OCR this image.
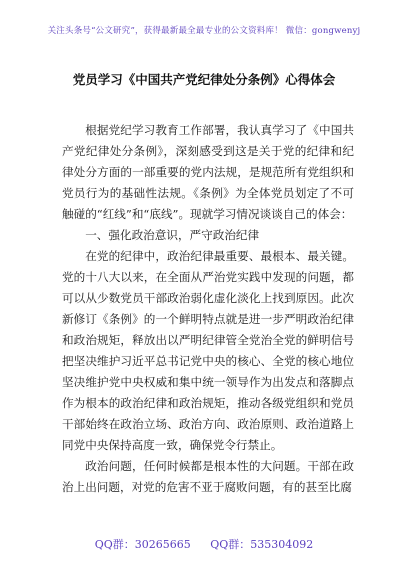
关注头条号“公文研究”，获得最新最全最专业的公文资料库！ 微信：gongwenyj
党员学习《中国共产党纪律处分条例》心得体会

根据党纪学习教育工作部署，我认真学习了《中国共产党纪律处分条例》，深刻感受到这是关于党的纪律和纪律处分方面的一部重要的党内法规，是规范所有党组织和党员行为的基础性法规。《条例》为全体党员划定了不可触碰的“红线”和“底线”。现就学习情况谈谈自己的体会：

一、强化政治意识，严守政治纪律

在党的纪律中，政治纪律最重要、最根本、最关键。党的十八大以来，在全面从严治党实践中发现的问题，都可以从少数党员干部政治弱化虚化淡化上找到原因。此次新修订《条例》的一个鲜明特点就是进一步严明政治纪律和政治规矩，释放出以严明纪律管全党治全党的鲜明信号把坚决维护习近平总书记党中央的核心、全党的核心地位坚决维护党中央权威和集中统一领导作为出发点和落脚点作为根本的政治纪律和政治规矩，推动各级党组织和党员干部始终在政治立场、政治方向、政治原则、政治道路上同党中央保持高度一致，确保党令行禁止。

政治问题，任何时候都是根本性的大问题。干部在政治上出问题，对党的危害不亚于腐败问题，有的甚至比腐

QQ群：30265665 QQ群：535304092
